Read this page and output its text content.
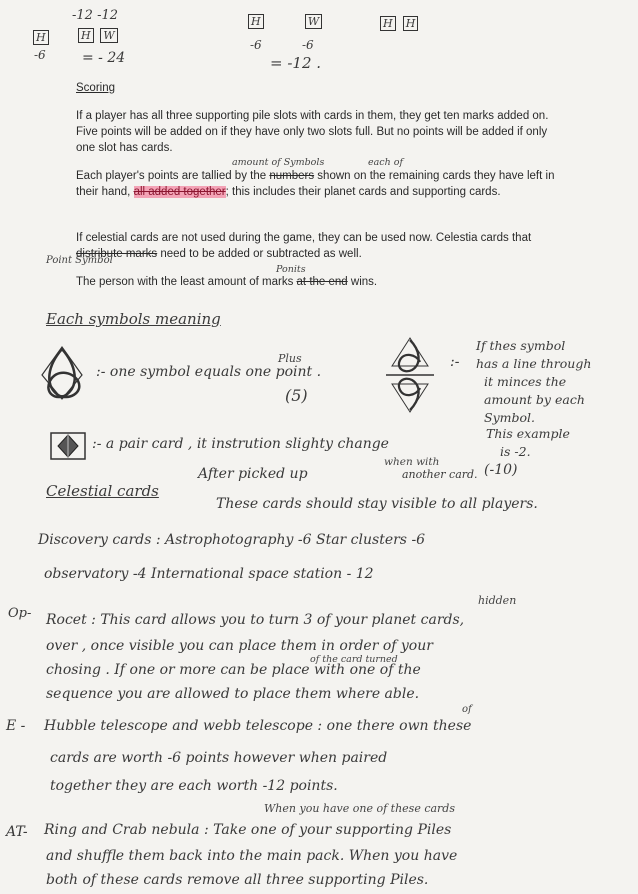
-12 -12
H
-6
H W
= - 24
H	W
-6	-6
= -12 .
H H
Scoring
If a player has all three supporting pile slots with cards in them, they get ten marks added on. Five points will be added on if they have only two slots full. But no points will be added if only one slot has cards.
amount of Symbols	each of
Each player's points are tallied by the numbers shown on the remaining cards they have left in their hand, all added together; this includes their planet cards and supporting cards.
If celestial cards are not used during the game, they can be used now. Celestia cards that distribute marks need to be added or subtracted as well.
Point Symbol
Ponits
The person with the least amount of marks at the end wins.
Each symbols meaning
Plus
:- one symbol equals one point .
(5)
:-
If thes symbol
has a line through
it minces the
amount by each
Symbol.
This example
is -2.
:- a pair card , it instrution slighty change
when with
another card. (-10)
After picked up
Celestial cards
These cards should stay visible to all players.
Discovery cards : Astrophotography -6 Star clusters -6
observatory -4 International space station - 12
Op-
hidden
Rocet : This card allows you to turn 3 of your planet cards,
over , once visible you can place them in order of your
of the card turned
chosing . If one or more can be place with one of the
sequence you are allowed to place them where able.
E -
of
Hubble telescope and webb telescope : one there own these
cards are worth -6 points however when paired
together they are each worth -12 points.
AT-
When you have one of these cards
Ring and Crab nebula : Take one of your supporting Piles
and shuffle them back into the main pack. When you have
both of these cards remove all three supporting Piles.
